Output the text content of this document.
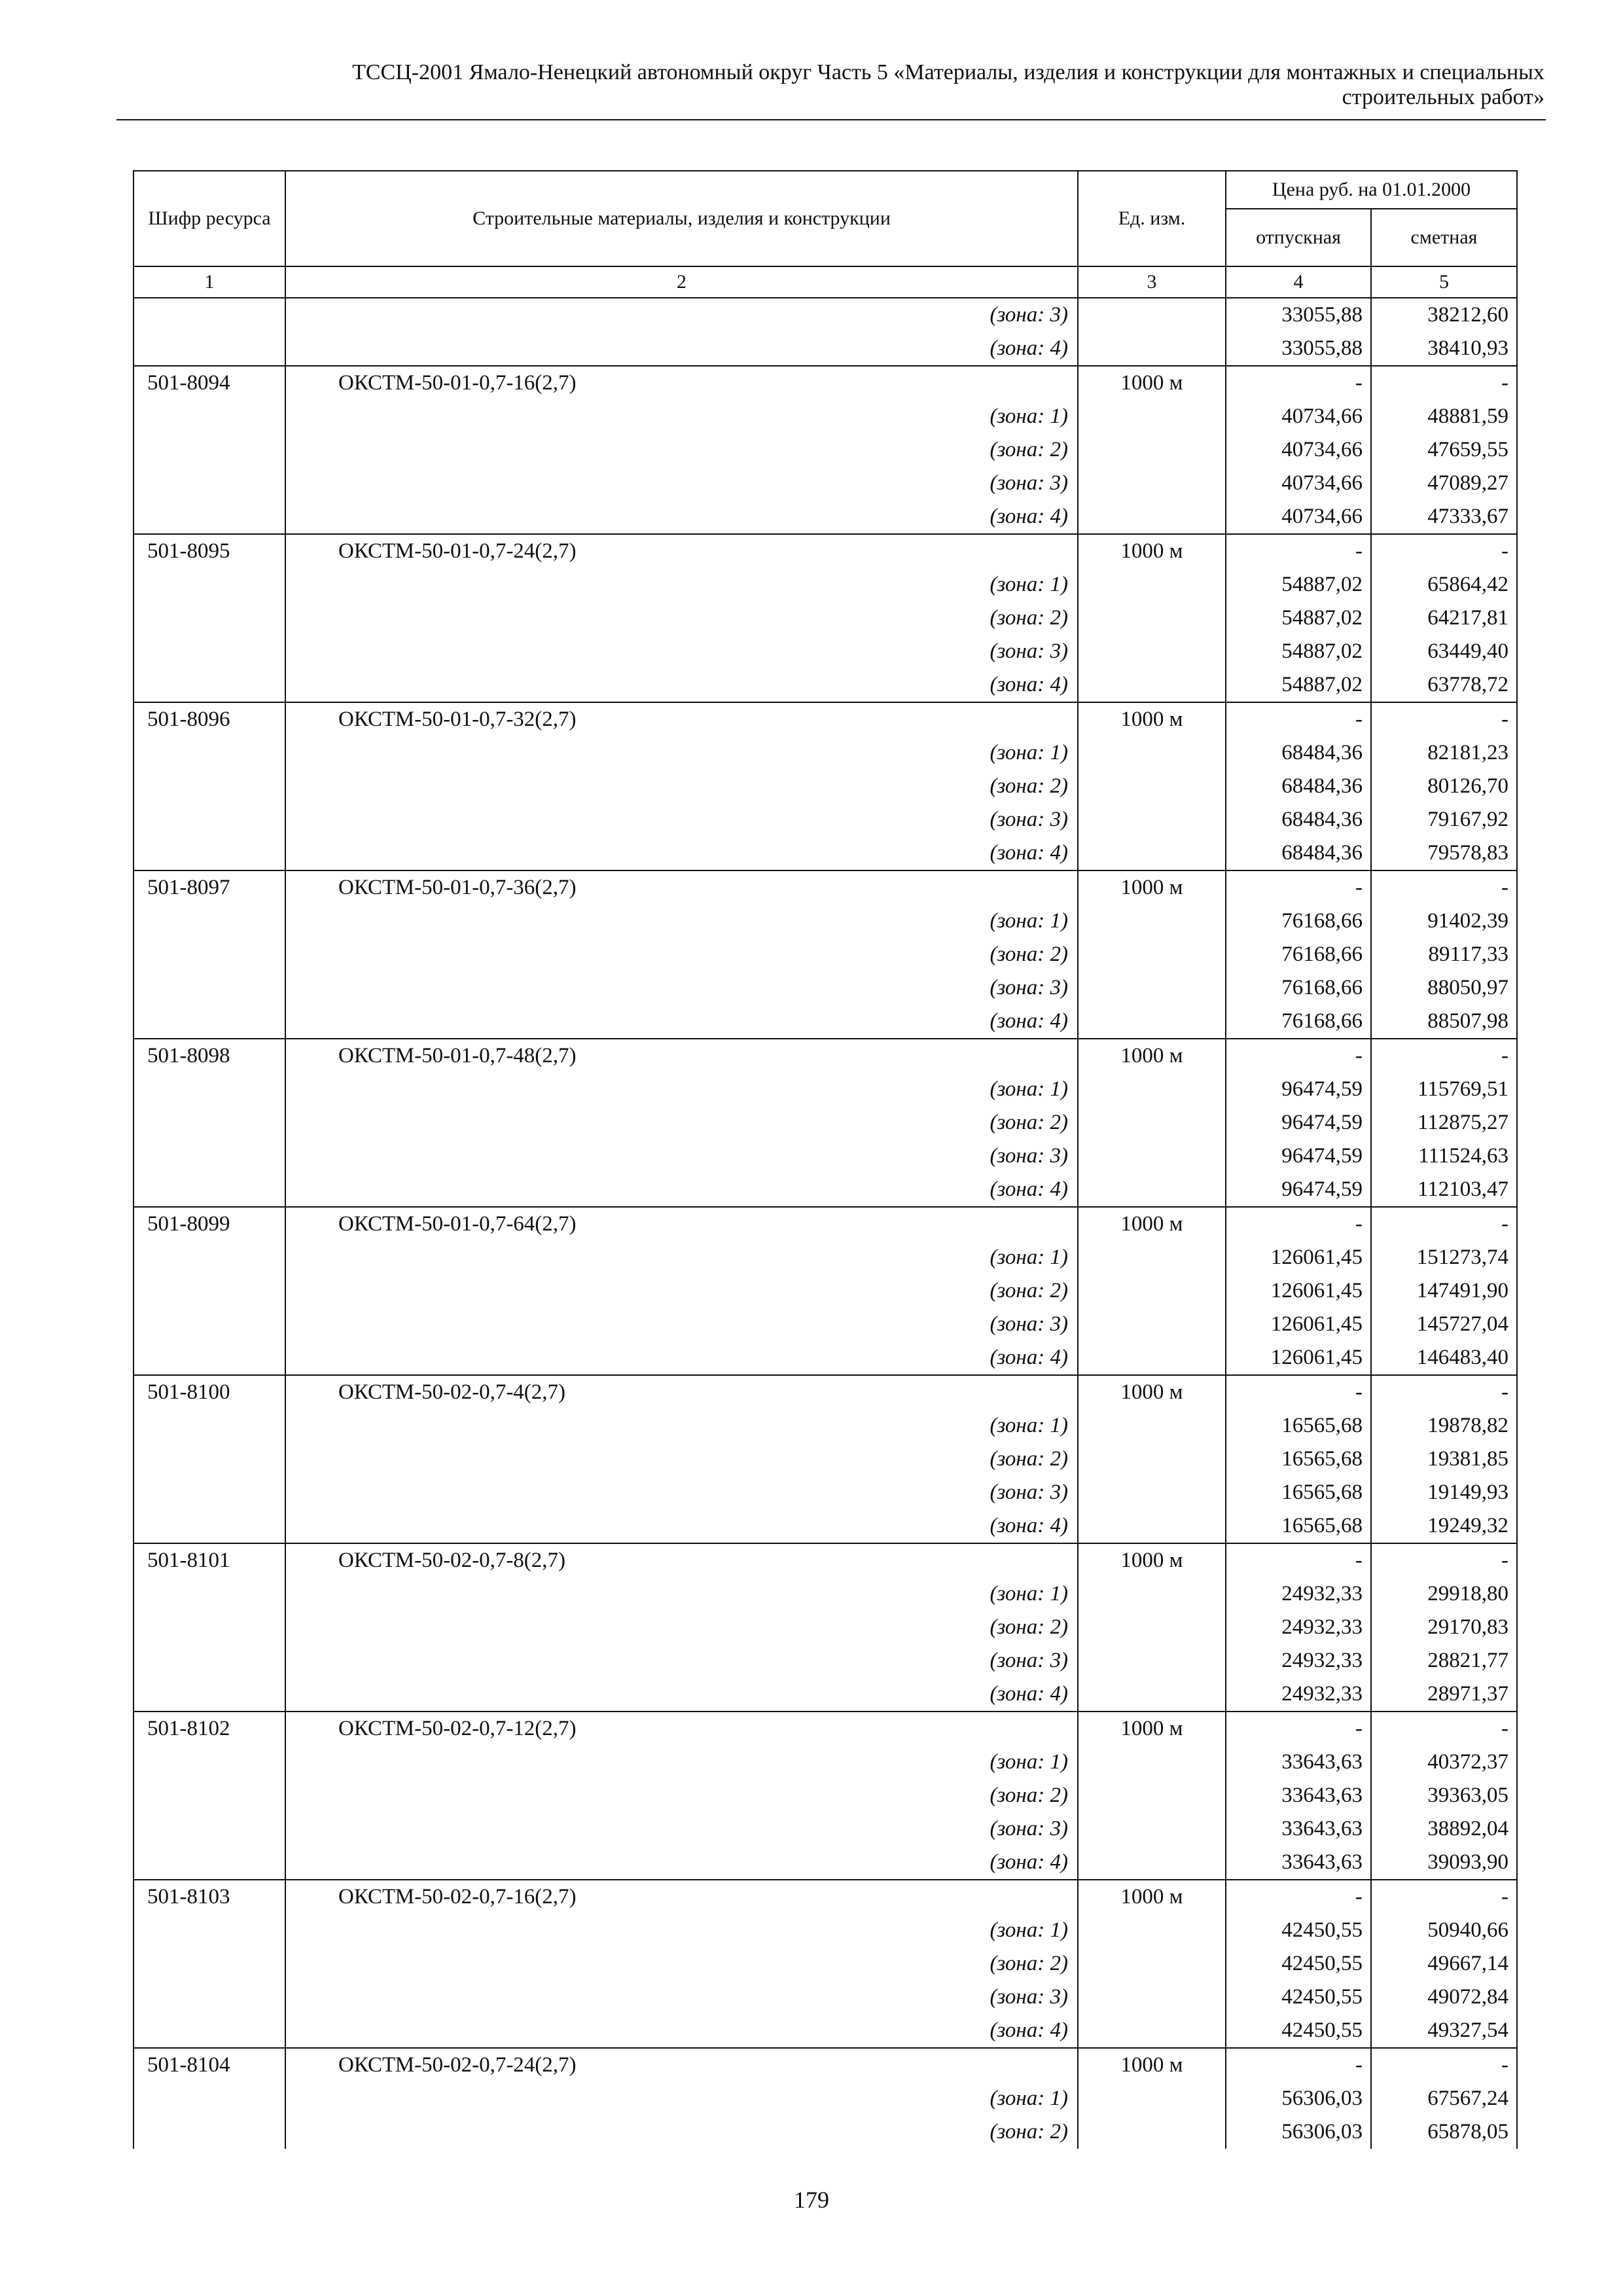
ТССЦ-2001 Ямало-Ненецкий автономный округ Часть 5 «Материалы, изделия и конструкции для монтажных и специальных
строительных работ»
Шифр ресурса	Строительные материалы, изделия и конструкции	Ед. изм.	Цена руб. на 01.01.2000	
			отпускная	сметная
1	2	3	4	5
	(зона: 3)		33055,88	38212,60
	(зона: 4)		33055,88	38410,93
501-8094	ОКСТМ-50-01-0,7-16(2,7)	1000 м	-	-
	(зона: 1)		40734,66	48881,59
	(зона: 2)		40734,66	47659,55
	(зона: 3)		40734,66	47089,27
	(зона: 4)		40734,66	47333,67
501-8095	ОКСТМ-50-01-0,7-24(2,7)	1000 м	-	-
	(зона: 1)		54887,02	65864,42
	(зона: 2)		54887,02	64217,81
	(зона: 3)		54887,02	63449,40
	(зона: 4)		54887,02	63778,72
501-8096	ОКСТМ-50-01-0,7-32(2,7)	1000 м	-	-
	(зона: 1)		68484,36	82181,23
	(зона: 2)		68484,36	80126,70
	(зона: 3)		68484,36	79167,92
	(зона: 4)		68484,36	79578,83
501-8097	ОКСТМ-50-01-0,7-36(2,7)	1000 м	-	-
	(зона: 1)		76168,66	91402,39
	(зона: 2)		76168,66	89117,33
	(зона: 3)		76168,66	88050,97
	(зона: 4)		76168,66	88507,98
501-8098	ОКСТМ-50-01-0,7-48(2,7)	1000 м	-	-
	(зона: 1)		96474,59	115769,51
	(зона: 2)		96474,59	112875,27
	(зона: 3)		96474,59	111524,63
	(зона: 4)		96474,59	112103,47
501-8099	ОКСТМ-50-01-0,7-64(2,7)	1000 м	-	-
	(зона: 1)		126061,45	151273,74
	(зона: 2)		126061,45	147491,90
	(зона: 3)		126061,45	145727,04
	(зона: 4)		126061,45	146483,40
501-8100	ОКСТМ-50-02-0,7-4(2,7)	1000 м	-	-
	(зона: 1)		16565,68	19878,82
	(зона: 2)		16565,68	19381,85
	(зона: 3)		16565,68	19149,93
	(зона: 4)		16565,68	19249,32
501-8101	ОКСТМ-50-02-0,7-8(2,7)	1000 м	-	-
	(зона: 1)		24932,33	29918,80
	(зона: 2)		24932,33	29170,83
	(зона: 3)		24932,33	28821,77
	(зона: 4)		24932,33	28971,37
501-8102	ОКСТМ-50-02-0,7-12(2,7)	1000 м	-	-
	(зона: 1)		33643,63	40372,37
	(зона: 2)		33643,63	39363,05
	(зона: 3)		33643,63	38892,04
	(зона: 4)		33643,63	39093,90
501-8103	ОКСТМ-50-02-0,7-16(2,7)	1000 м	-	-
	(зона: 1)		42450,55	50940,66
	(зона: 2)		42450,55	49667,14
	(зона: 3)		42450,55	49072,84
	(зона: 4)		42450,55	49327,54
501-8104	ОКСТМ-50-02-0,7-24(2,7)	1000 м	-	-
	(зона: 1)		56306,03	67567,24
	(зона: 2)		56306,03	65878,05
179
